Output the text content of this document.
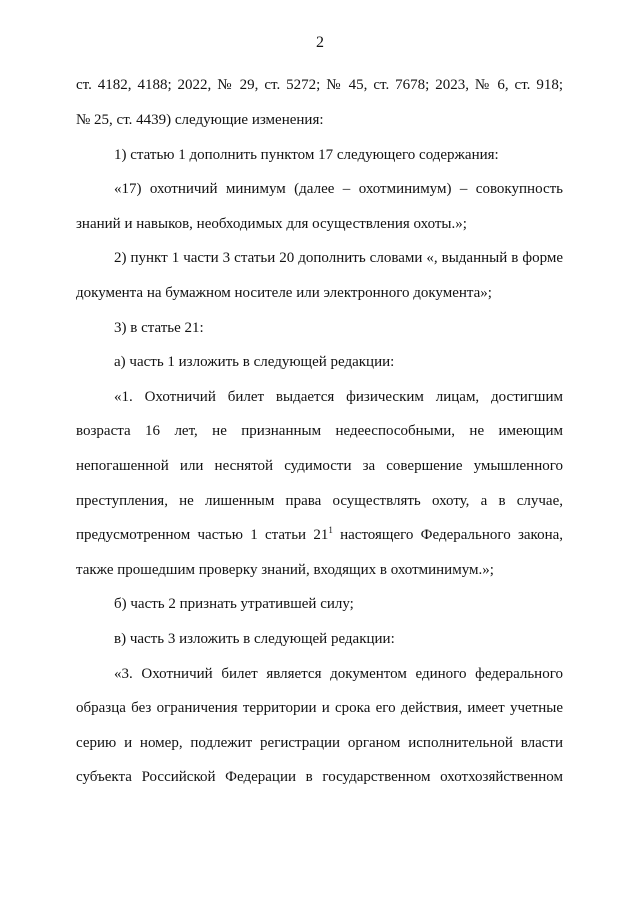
2
ст. 4182, 4188; 2022, № 29, ст. 5272; № 45, ст. 7678; 2023, № 6, ст. 918;
№ 25, ст. 4439) следующие изменения:
1) статью 1 дополнить пунктом 17 следующего содержания:
«17) охотничий минимум (далее – охотминимум) – совокупность
знаний и навыков, необходимых для осуществления охоты.»;
2) пункт 1 части 3 статьи 20 дополнить словами «, выданный в форме
документа на бумажном носителе или электронного документа»;
3) в статье 21:
а) часть 1 изложить в следующей редакции:
«1. Охотничий билет выдается физическим лицам, достигшим
возраста 16 лет, не признанным недееспособными, не имеющим
непогашенной или неснятой судимости за совершение умышленного
преступления, не лишенным права осуществлять охоту, а в случае,
предусмотренном частью 1 статьи $21^1$ настоящего Федерального закона,
также прошедшим проверку знаний, входящих в охотминимум.»;
б) часть 2 признать утратившей силу;
в) часть 3 изложить в следующей редакции:
«3. Охотничий билет является документом единого федерального
образца без ограничения территории и срока его действия, имеет учетные
серию и номер, подлежит регистрации органом исполнительной власти
субъекта Российской Федерации в государственном охотхозяйственном
